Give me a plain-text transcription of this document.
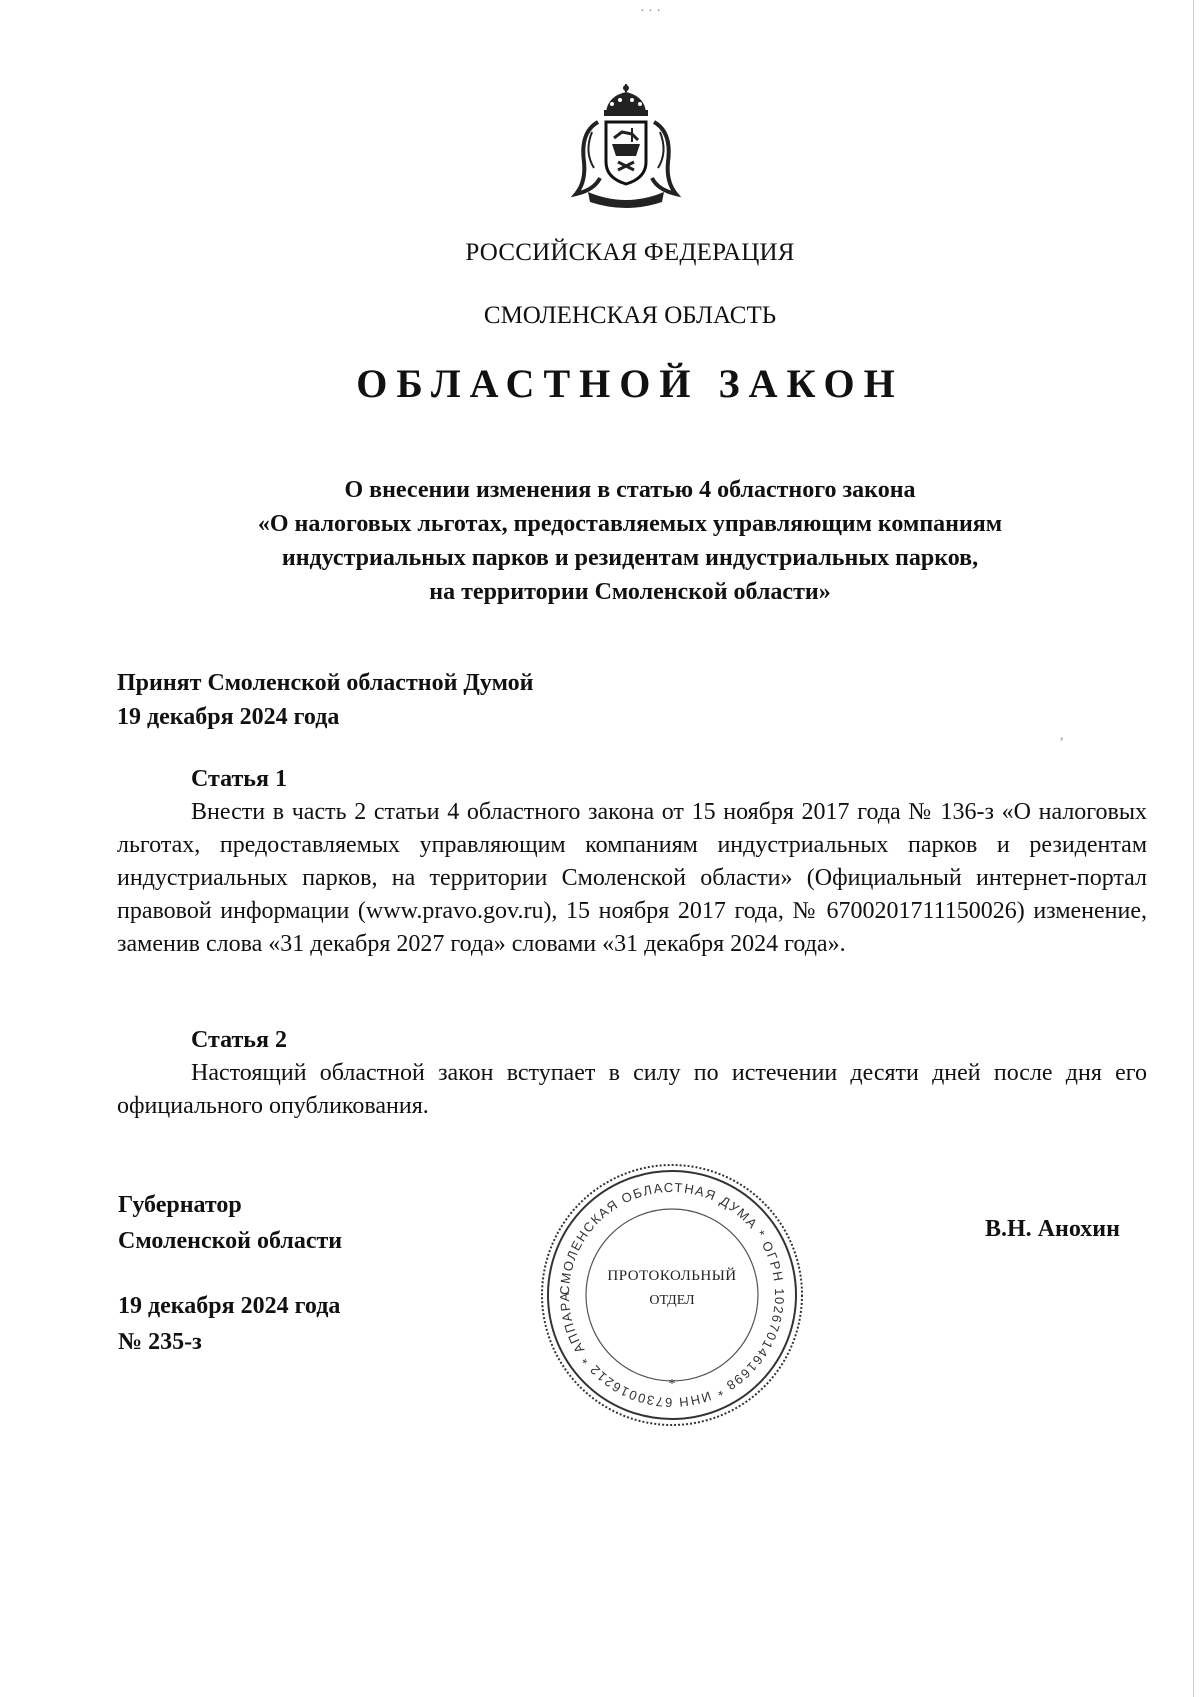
· · ·
,
РОССИЙСКАЯ ФЕДЕРАЦИЯ
СМОЛЕНСКАЯ ОБЛАСТЬ
ОБЛАСТНОЙ ЗАКОН
О внесении изменения в статью 4 областного закона
«О налоговых льготах, предоставляемых управляющим компаниям
индустриальных парков и резидентам индустриальных парков,
на территории Смоленской области»
Принят Смоленской областной Думой
19 декабря 2024 года
Статья 1

Внести в часть 2 статьи 4 областного закона от 15 ноября 2017 года № 136-з «О налоговых льготах, предоставляемых управляющим компаниям индустриальных парков и резидентам индустриальных парков, на территории Смоленской области» (Официальный интернет-портал правовой информации (www.pravo.gov.ru), 15 ноября 2017 года, № 6700201711150026) изменение, заменив слова «31 декабря 2027 года» словами «31 декабря 2024 года».

Статья 2

Настоящий областной закон вступает в силу по истечении десяти дней после дня его официального опубликования.

Губернатор
Смоленской области
19 декабря 2024 года
№ 235-з
В.Н. Анохин
СМОЛЕНСКАЯ ОБЛАСТНАЯ ДУМА * ОГРН 1026701461698 * ИНН 6730016212 * АППАРА
*
ПРОТОКОЛЬНЫЙ
ОТДЕЛ
